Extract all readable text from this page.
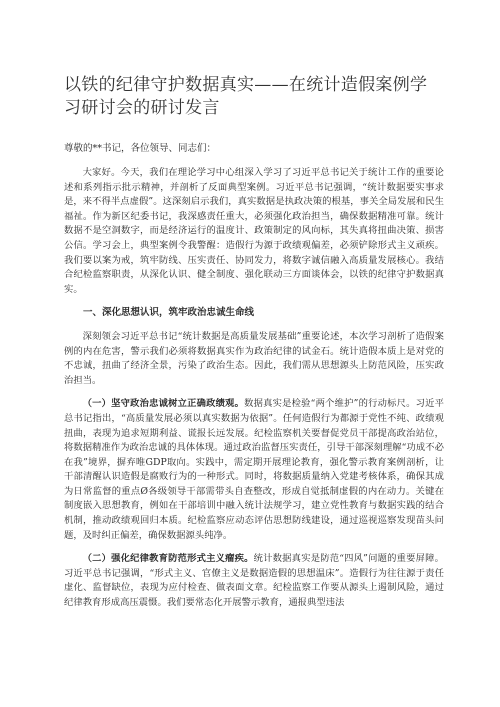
以铁的纪律守护数据真实——在统计造假案例学习研讨会的研讨发言
尊敬的**书记，各位领导、同志们：

大家好。今天，我们在理论学习中心组深入学习了习近平总书记关于统计工作的重要论述和系列指示批示精神，并剖析了反面典型案例。习近平总书记强调，“统计数据要实事求是，来不得半点虚假”。这深刻启示我们，真实数据是执政决策的根基，事关全局发展和民生福祉。作为新区纪委书记，我深感责任重大，必须强化政治担当，确保数据精准可靠。统计数据不是空洞数字，而是经济运行的温度计、政策制定的风向标，其失真将扭曲决策、损害公信。学习会上，典型案例令我警醒：造假行为源于政绩观偏差，必须铲除形式主义顽疾。我们要以案为戒，筑牢防线、压实责任、协同发力，将数字诚信融入高质量发展核心。我结合纪检监察职责，从深化认识、健全制度、强化联动三方面谈体会，以铁的纪律守护数据真实。

一、深化思想认识，筑牢政治忠诚生命线

深刻领会习近平总书记“统计数据是高质量发展基础”重要论述，本次学习剖析了造假案例的内在危害，警示我们必须将数据真实作为政治纪律的试金石。统计造假本质上是对党的不忠诚，扭曲了经济全景，污染了政治生态。因此，我们需从思想源头上防范风险，压实政治担当。

（一）坚守政治忠诚树立正确政绩观。数据真实是检验“两个维护”的行动标尺。习近平总书记指出，“高质量发展必须以真实数据为依据”。任何造假行为都源于党性不纯、政绩观扭曲，表现为追求短期利益、谎报长远发展。纪检监察机关要督促党员干部提高政治站位，将数据精准作为政治忠诚的具体体现。通过政治监督压实责任，引导干部深刻理解“功成不必在我”境界，摒弃唯GDP取向。实践中，需定期开展理论教育，强化警示教育案例剖析，让干部清醒认识造假是腐败行为的一种形式。同时，将数据质量纳入党建考核体系，确保其成为日常监督的重点Ø各级领导干部需带头自查整改，形成自觉抵制虚假的内在动力。关键在制度嵌入思想教育，例如在干部培训中融入统计法规学习，建立党性教育与数据实践的结合机制，推动政绩观回归本质。纪检监察应动态评估思想防线建设，通过巡视巡察发现苗头问题，及时纠正偏差，确保数据源头纯净。

（二）强化纪律教育防范形式主义瘤疾。统计数据真实是防范“四风”问题的重要屏障。习近平总书记强调，“形式主义、官僚主义是数据造假的思想温床”。造假行为往往源于责任虚化、监督缺位，表现为应付检查、做表面文章。纪检监察工作要从源头上遏制风险，通过纪律教育形成高压震慑。我们要常态化开展警示教育，通报典型违法
